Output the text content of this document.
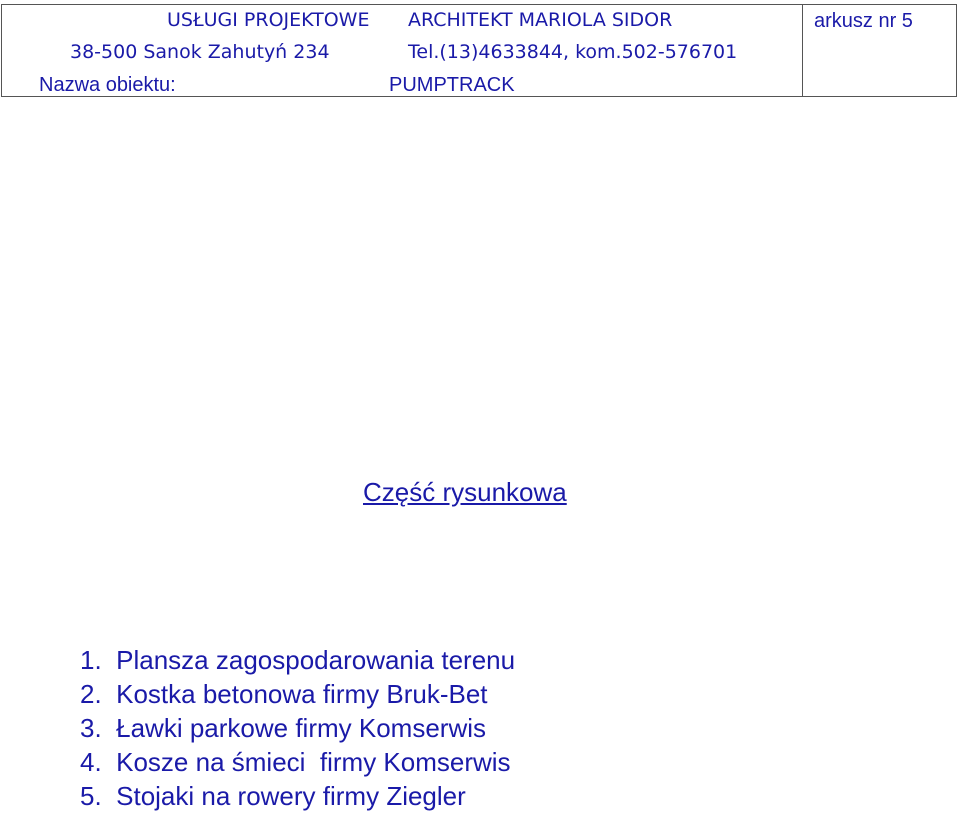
USŁUGI PROJEKTOWE ARCHITEKT MARIOLA SIDOR
38-500 Sanok Zahutyń 234	Tel.(13)4633844, kom.502-576701
arkusz nr 5
Nazwa obiektu:	PUMPTRACK
Część rysunkowa
1.  Plansza zagospodarowania terenu
2.  Kostka betonowa firmy Bruk-Bet
3.  Ławki parkowe firmy Komserwis
4.  Kosze na śmieci  firmy Komserwis
5.  Stojaki na rowery firmy Ziegler
